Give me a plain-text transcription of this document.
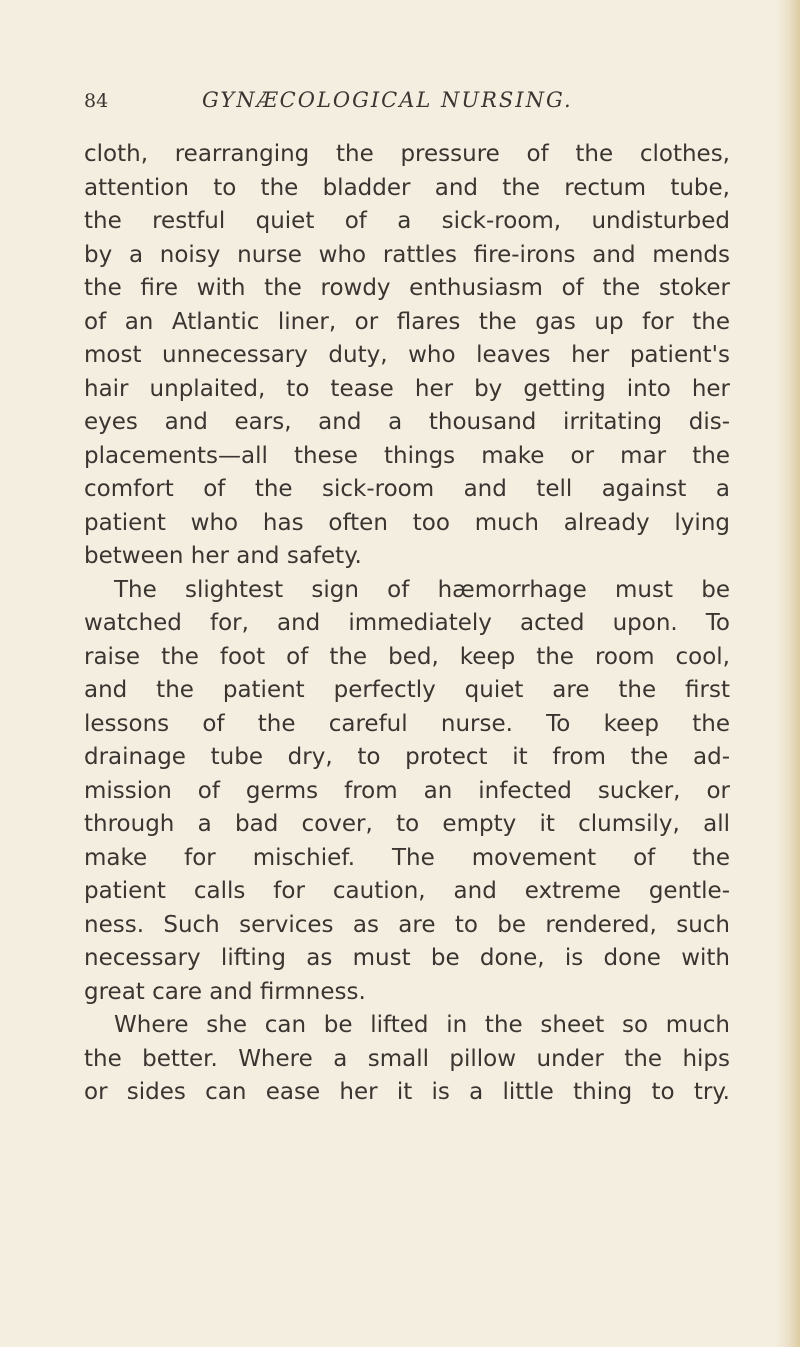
84	GYNÆCOLOGICAL NURSING.
cloth, rearranging the pressure of the clothes,
attention to the bladder and the rectum tube,
the restful quiet of a sick-room, undisturbed
by a noisy nurse who rattles fire-irons and mends
the fire with the rowdy enthusiasm of the stoker
of an Atlantic liner, or flares the gas up for the
most unnecessary duty, who leaves her patient's
hair unplaited, to tease her by getting into her
eyes and ears, and a thousand irritating dis-
placements—all these things make or mar the
comfort of the sick-room and tell against a
patient who has often too much already lying
between her and safety.
The slightest sign of hæmorrhage must be
watched for, and immediately acted upon. To
raise the foot of the bed, keep the room cool,
and the patient perfectly quiet are the first
lessons of the careful nurse. To keep the
drainage tube dry, to protect it from the ad-
mission of germs from an infected sucker, or
through a bad cover, to empty it clumsily, all
make for mischief. The movement of the
patient calls for caution, and extreme gentle-
ness. Such services as are to be rendered, such
necessary lifting as must be done, is done with
great care and firmness.
Where she can be lifted in the sheet so much
the better. Where a small pillow under the hips
or sides can ease her it is a little thing to try.
